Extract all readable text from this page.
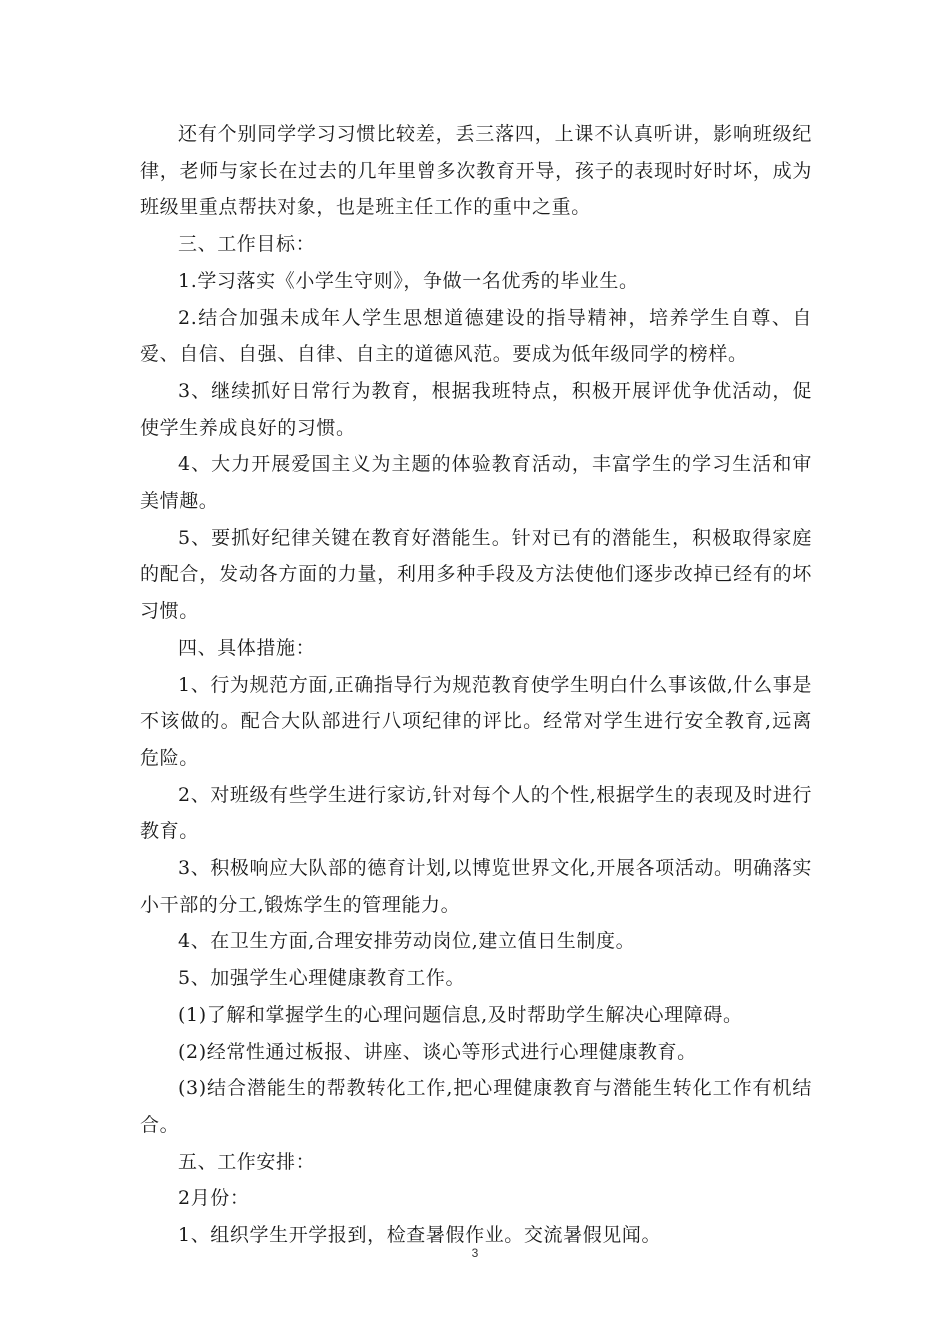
还有个别同学学习习惯比较差，丢三落四，上课不认真听讲，影响班级纪律，老师与家长在过去的几年里曾多次教育开导，孩子的表现时好时坏，成为班级里重点帮扶对象，也是班主任工作的重中之重。

三、工作目标：

1.学习落实《小学生守则》，争做一名优秀的毕业生。

2.结合加强未成年人学生思想道德建设的指导精神，培养学生自尊、自爱、自信、自强、自律、自主的道德风范。要成为低年级同学的榜样。

3、继续抓好日常行为教育，根据我班特点，积极开展评优争优活动，促使学生养成良好的习惯。

4、大力开展爱国主义为主题的体验教育活动，丰富学生的学习生活和审美情趣。

5、要抓好纪律关键在教育好潜能生。针对已有的潜能生，积极取得家庭的配合，发动各方面的力量，利用多种手段及方法使他们逐步改掉已经有的坏习惯。

四、具体措施：

1、行为规范方面,正确指导行为规范教育使学生明白什么事该做,什么事是不该做的。配合大队部进行八项纪律的评比。经常对学生进行安全教育,远离危险。

2、对班级有些学生进行家访,针对每个人的个性,根据学生的表现及时进行教育。

3、积极响应大队部的德育计划,以博览世界文化,开展各项活动。明确落实小干部的分工,锻炼学生的管理能力。

4、在卫生方面,合理安排劳动岗位,建立值日生制度。

5、加强学生心理健康教育工作。

(1)了解和掌握学生的心理问题信息,及时帮助学生解决心理障碍。

(2)经常性通过板报、讲座、谈心等形式进行心理健康教育。

(3)结合潜能生的帮教转化工作,把心理健康教育与潜能生转化工作有机结合。

五、工作安排：

2月份：

1、组织学生开学报到，检查暑假作业。交流暑假见闻。

3
